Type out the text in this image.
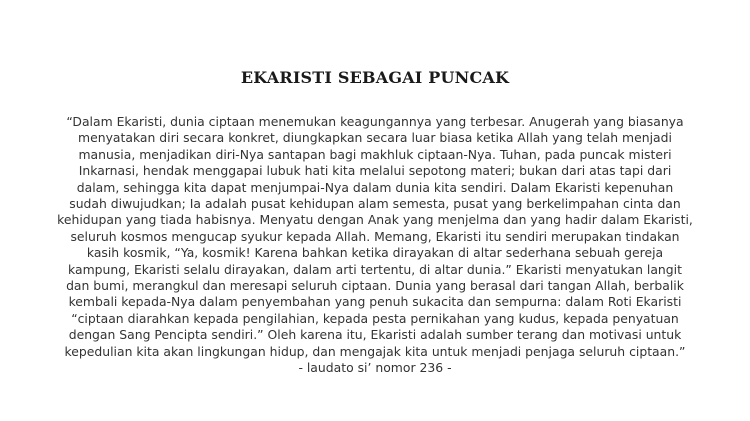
EKARISTI SEBAGAI PUNCAK
“Dalam Ekaristi, dunia ciptaan menemukan keagungannya yang terbesar. Anugerah yang biasanya
menyatakan diri secara konkret, diungkapkan secara luar biasa ketika Allah yang telah menjadi
manusia, menjadikan diri-Nya santapan bagi makhluk ciptaan-Nya. Tuhan, pada puncak misteri
Inkarnasi, hendak menggapai lubuk hati kita melalui sepotong materi; bukan dari atas tapi dari
dalam, sehingga kita dapat menjumpai-Nya dalam dunia kita sendiri. Dalam Ekaristi kepenuhan
sudah diwujudkan; Ia adalah pusat kehidupan alam semesta, pusat yang berkelimpahan cinta dan
kehidupan yang tiada habisnya. Menyatu dengan Anak yang menjelma dan yang hadir dalam Ekaristi,
seluruh kosmos mengucap syukur kepada Allah. Memang, Ekaristi itu sendiri merupakan tindakan
kasih kosmik, “Ya, kosmik! Karena bahkan ketika dirayakan di altar sederhana sebuah gereja
kampung, Ekaristi selalu dirayakan, dalam arti tertentu, di altar dunia.” Ekaristi menyatukan langit
dan bumi, merangkul dan meresapi seluruh ciptaan. Dunia yang berasal dari tangan Allah, berbalik
kembali kepada-Nya dalam penyembahan yang penuh sukacita dan sempurna: dalam Roti Ekaristi
“ciptaan diarahkan kepada pengilahian, kepada pesta pernikahan yang kudus, kepada penyatuan
dengan Sang Pencipta sendiri.” Oleh karena itu, Ekaristi adalah sumber terang dan motivasi untuk
kepedulian kita akan lingkungan hidup, dan mengajak kita untuk menjadi penjaga seluruh ciptaan.”
- laudato si’ nomor 236 -
